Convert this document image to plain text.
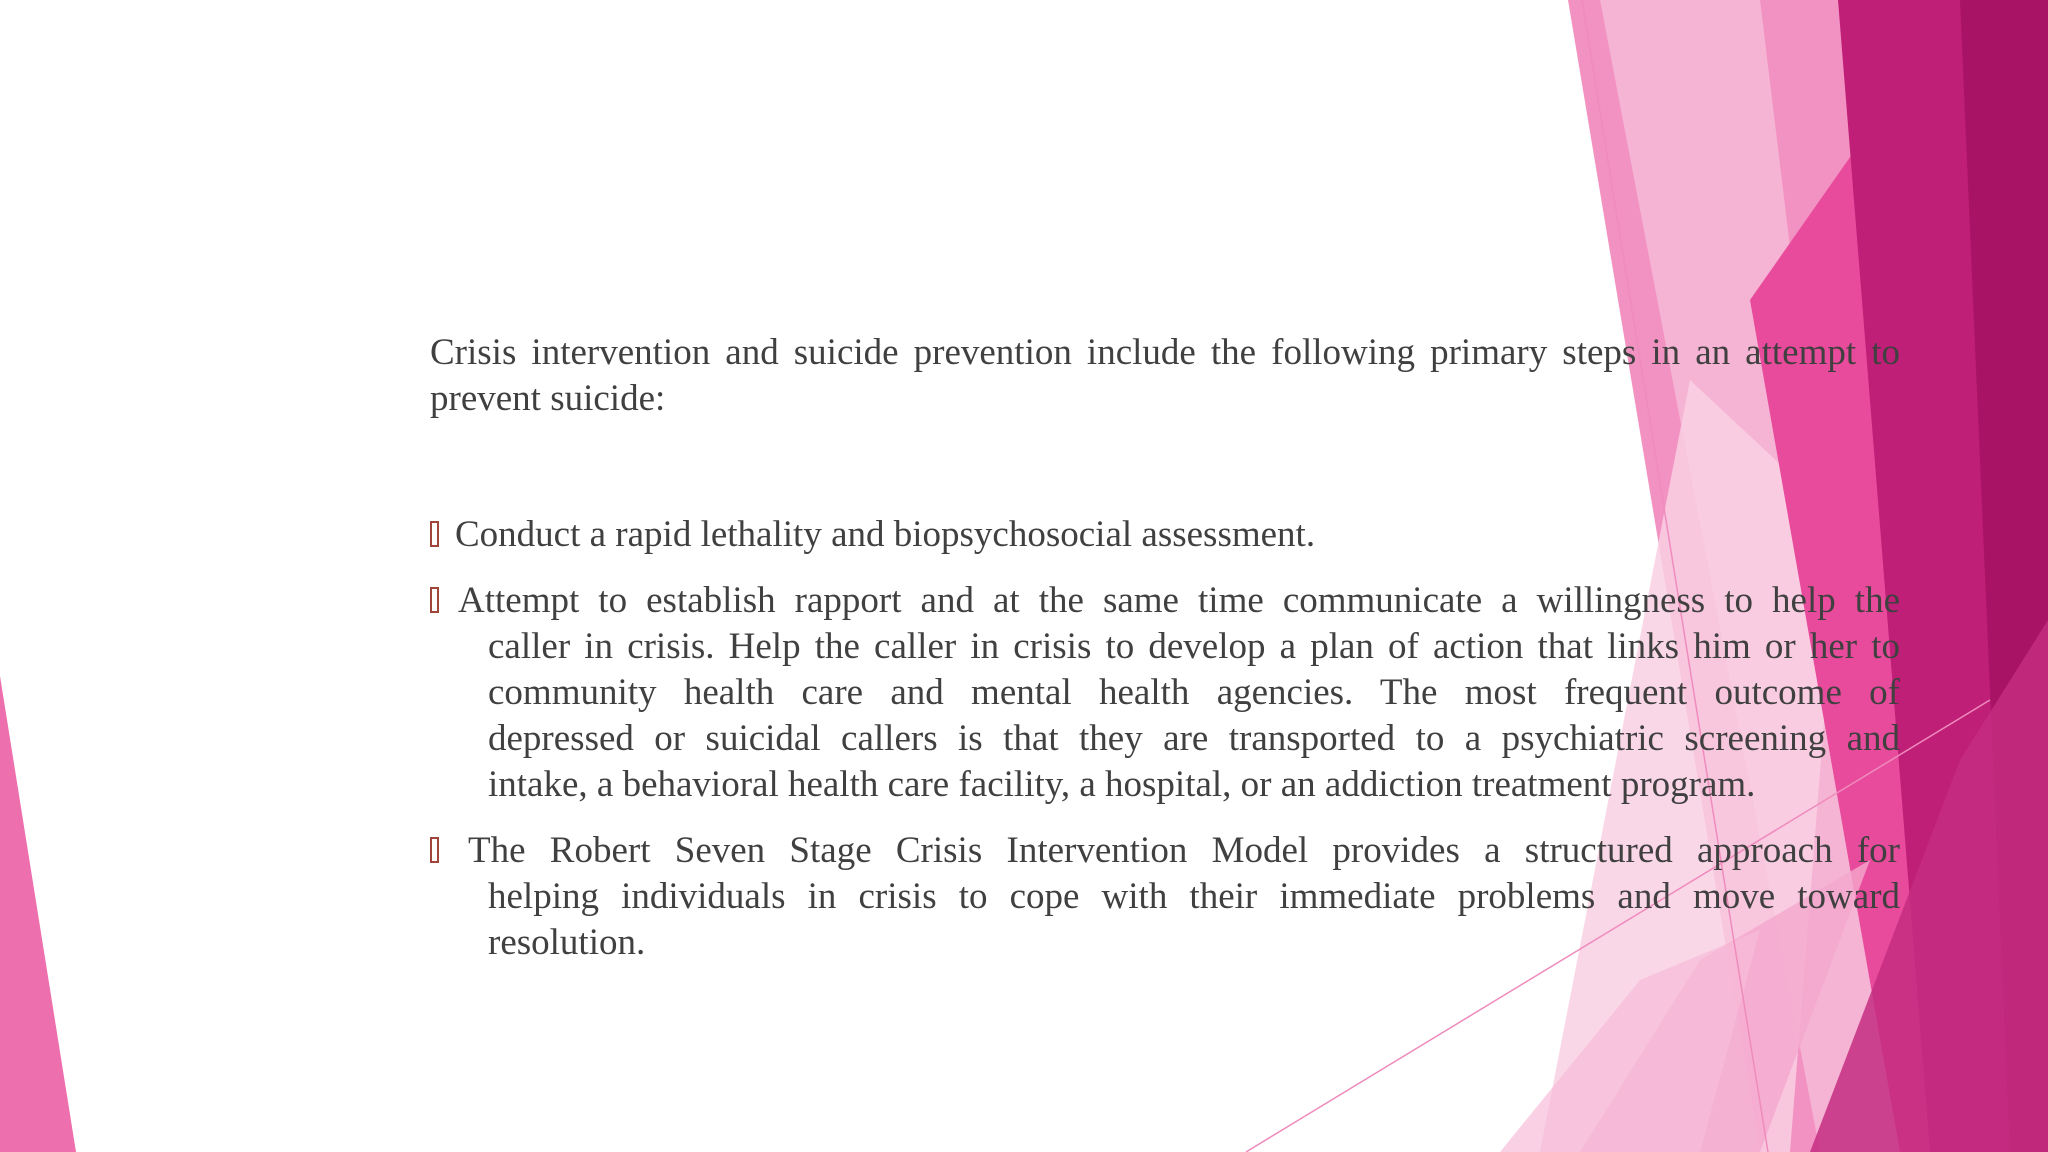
Crisis intervention and suicide prevention include the following primary steps in an attempt to
prevent suicide:

Conduct a rapid lethality and biopsychosocial assessment.
Attempt to establish rapport and at the same time communicate a willingness to help the
caller in crisis. Help the caller in crisis to develop a plan of action that links him or her to
community health care and mental health agencies. The most frequent outcome of
depressed or suicidal callers is that they are transported to a psychiatric screening and
intake, a behavioral health care facility, a hospital, or an addiction treatment program.
The Robert Seven Stage Crisis Intervention Model provides a structured approach for
helping individuals in crisis to cope with their immediate problems and move toward
resolution.
